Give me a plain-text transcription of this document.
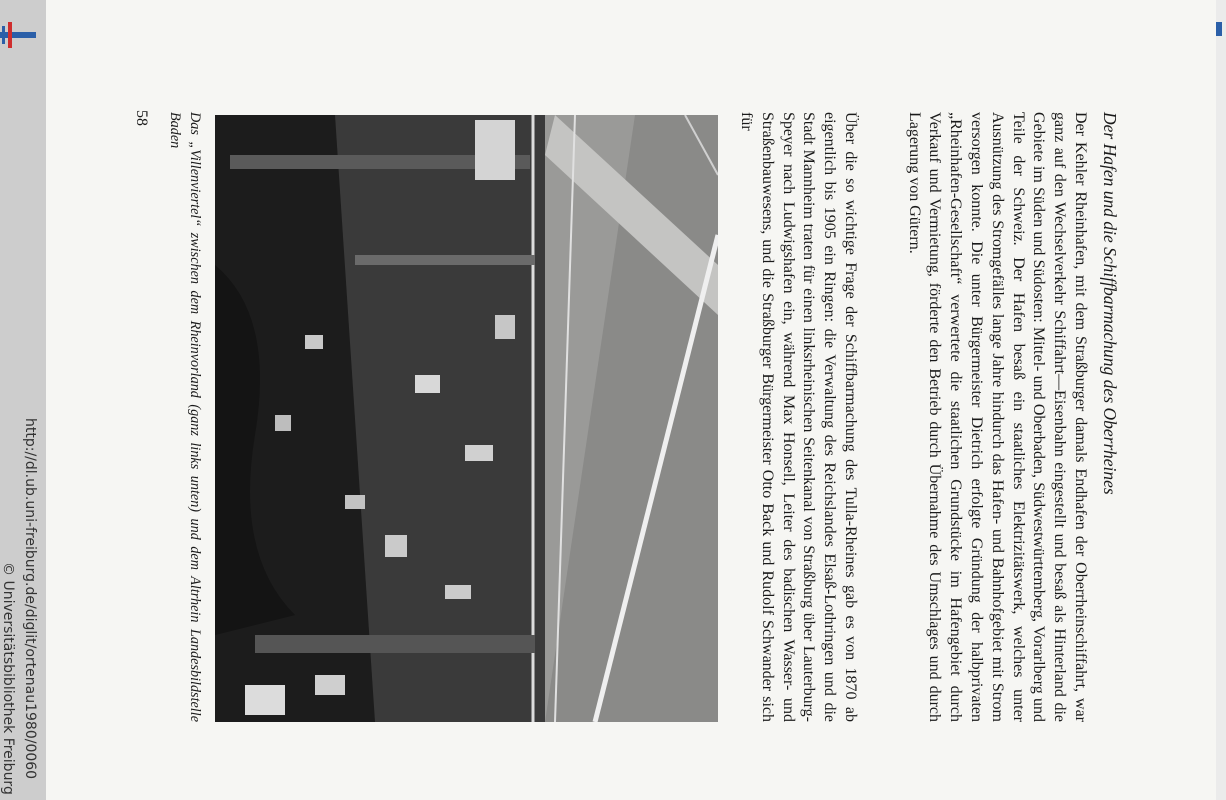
http://dl.ub.uni-freiburg.de/diglit/ortenau1980/0060
© Universitätsbibliothek Freiburg
Der Hafen und die Schiffbarmachung des Oberrheines
Der Kehler Rheinhafen, mit dem Straßburger damals Endhafen der Oberrheinschiffahrt, war ganz auf den Wechselverkehr Schiffahrt—Eisenbahn eingestellt und besaß als Hinterland die Gebiete im Süden und Südosten: Mittel- und Oberbaden, Südwestwürttemberg, Vorarlberg und Teile der Schweiz. Der Hafen besaß ein staatliches Elektrizitätswerk, welches unter Ausnützung des Stromgefälles lange Jahre hindurch das Hafen- und Bahnhofgebiet mit Strom versorgen konnte. Die unter Bürgermeister Dietrich erfolgte Gründung der halbprivaten „Rheinhafen-Gesellschaft“ verwertete die staatlichen Grundstücke im Hafengebiet durch Verkauf und Vermietung, förderte den Betrieb durch Übernahme des Umschlages und durch Lagerung von Gütern.
Über die so wichtige Frage der Schiffbarmachung des Tulla-Rheines gab es von 1870 ab eigentlich bis 1905 ein Ringen: die Verwaltung des Reichslandes Elsaß-Lothringen und die Stadt Mannheim traten für einen linksrheinischen Seitenkanal von Straßburg über Lauterburg-Speyer nach Ludwigshafen ein, während Max Honsell, Leiter des badischen Wasser- und Straßenbauwesens, und die Straßburger Bürgermeister Otto Back und Rudolf Schwander sich für
Das „Villenviertel“ zwischen dem Rheinvorland (ganz links unten) und dem Altrhein Landesbildstelle Baden
58
